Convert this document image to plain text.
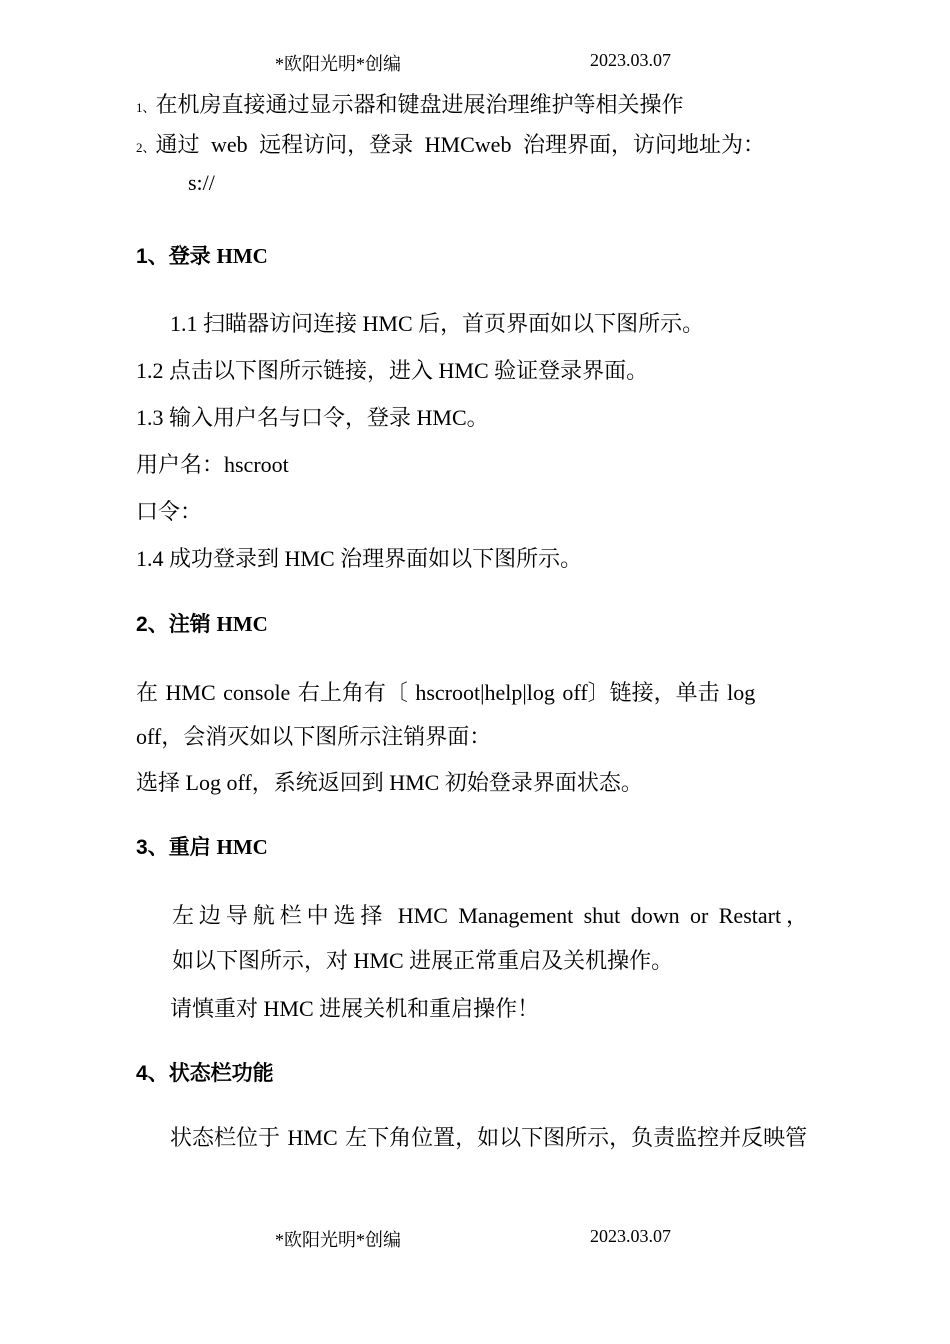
*欧阳光明*创编	2023.03.07
1、在机房直接通过显示器和键盘进展治理维护等相关操作
2、通过 web 远程访问，登录 HMCweb 治理界面，访问地址为：
s://
1、登录 HMC
1.1 扫瞄器访问连接 HMC 后，首页界面如以下图所示。
1.2 点击以下图所示链接，进入 HMC 验证登录界面。
1.3 输入用户名与口令，登录 HMC。
用户名：hscroot
口令：
1.4 成功登录到 HMC 治理界面如以下图所示。
2、注销 HMC
在 HMC console 右上角有〔 hscroot|help|log off〕链接，单击 log
off，会消灭如以下图所示注销界面：
选择 Log off，系统返回到 HMC 初始登录界面状态。
3、重启 HMC
左边导航栏中选择 HMC Management shut down or Restart，
如以下图所示，对 HMC 进展正常重启及关机操作。
请慎重对 HMC 进展关机和重启操作！
4、状态栏功能
状态栏位于 HMC 左下角位置，如以下图所示，负责监控并反映管
*欧阳光明*创编	2023.03.07
